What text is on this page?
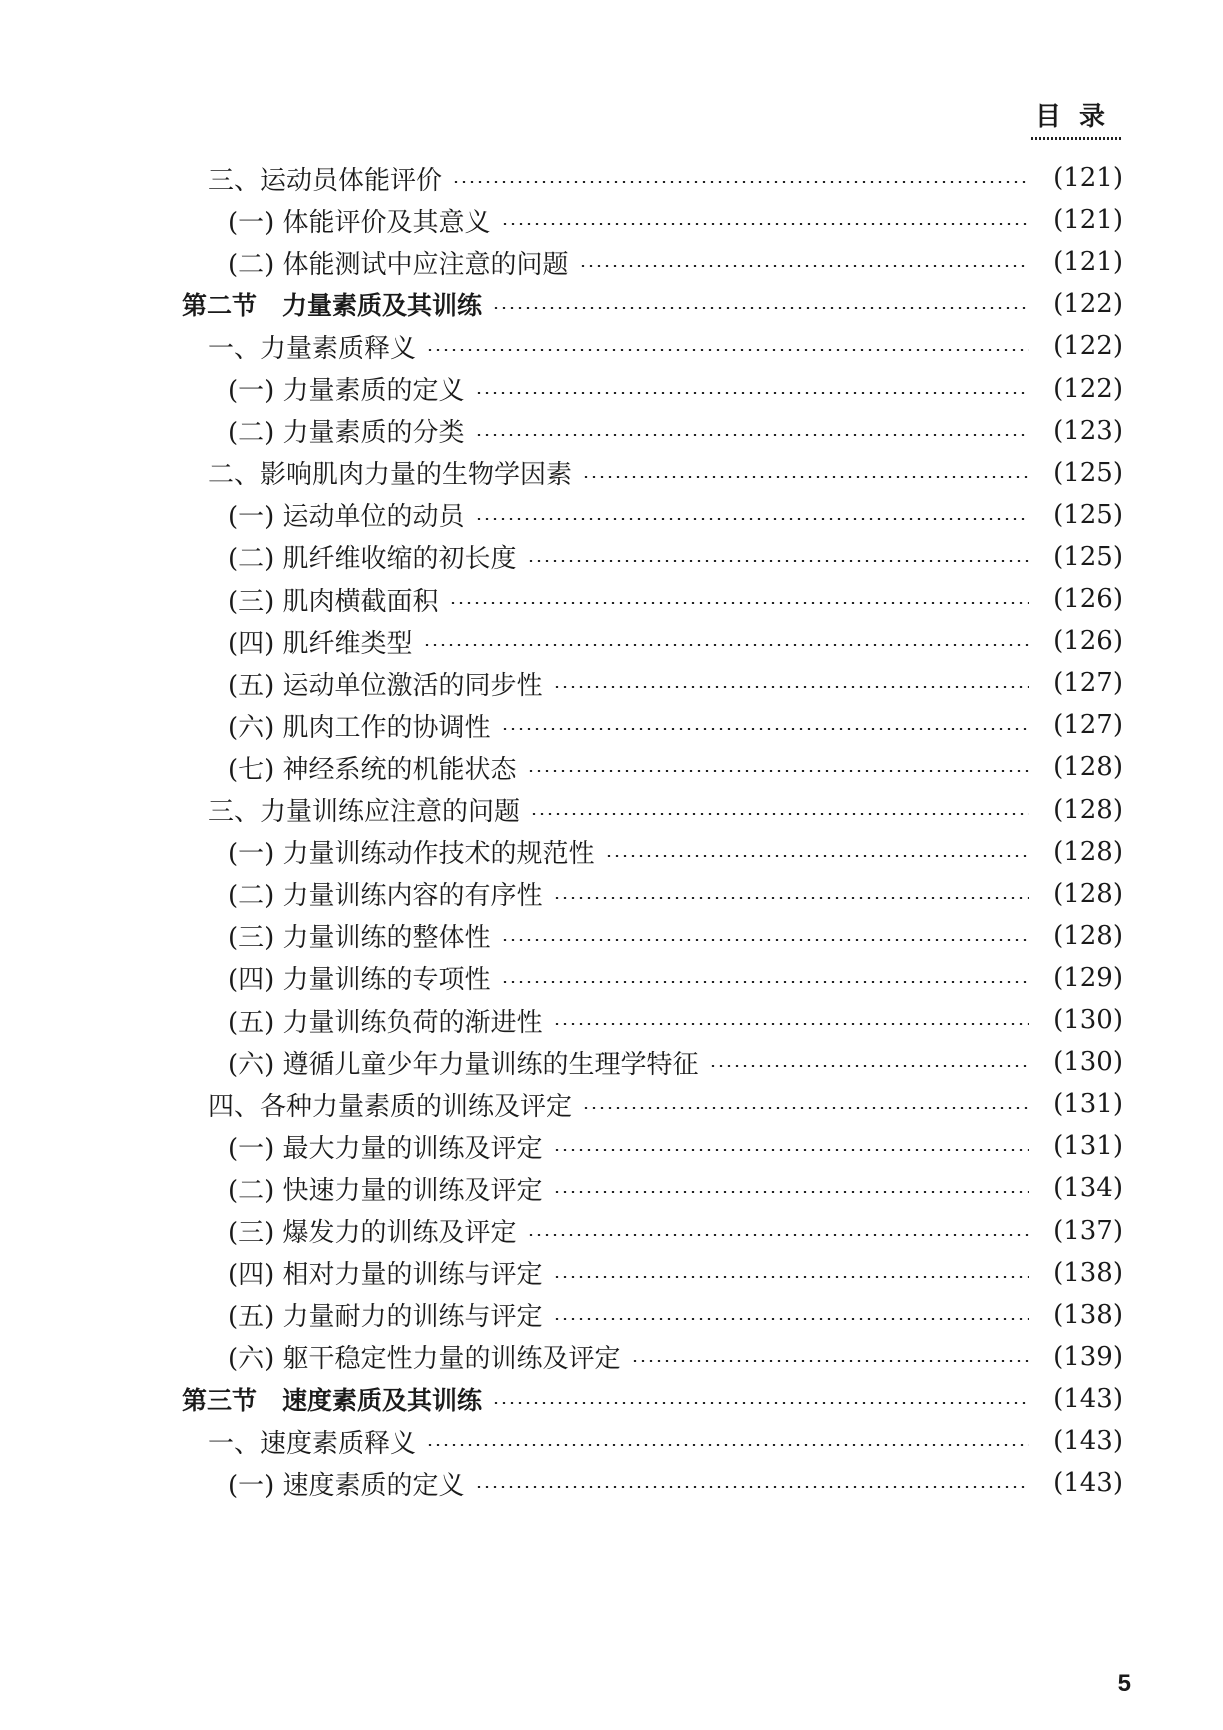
目录
三、运动员体能评价	(121)
(一) 体能评价及其意义	(121)
(二) 体能测试中应注意的问题	(121)
第二节　力量素质及其训练	(122)
一、力量素质释义	(122)
(一) 力量素质的定义	(122)
(二) 力量素质的分类	(123)
二、影响肌肉力量的生物学因素	(125)
(一) 运动单位的动员	(125)
(二) 肌纤维收缩的初长度	(125)
(三) 肌肉横截面积	(126)
(四) 肌纤维类型	(126)
(五) 运动单位激活的同步性	(127)
(六) 肌肉工作的协调性	(127)
(七) 神经系统的机能状态	(128)
三、力量训练应注意的问题	(128)
(一) 力量训练动作技术的规范性	(128)
(二) 力量训练内容的有序性	(128)
(三) 力量训练的整体性	(128)
(四) 力量训练的专项性	(129)
(五) 力量训练负荷的渐进性	(130)
(六) 遵循儿童少年力量训练的生理学特征	(130)
四、各种力量素质的训练及评定	(131)
(一) 最大力量的训练及评定	(131)
(二) 快速力量的训练及评定	(134)
(三) 爆发力的训练及评定	(137)
(四) 相对力量的训练与评定	(138)
(五) 力量耐力的训练与评定	(138)
(六) 躯干稳定性力量的训练及评定	(139)
第三节　速度素质及其训练	(143)
一、速度素质释义	(143)
(一) 速度素质的定义	(143)
5
